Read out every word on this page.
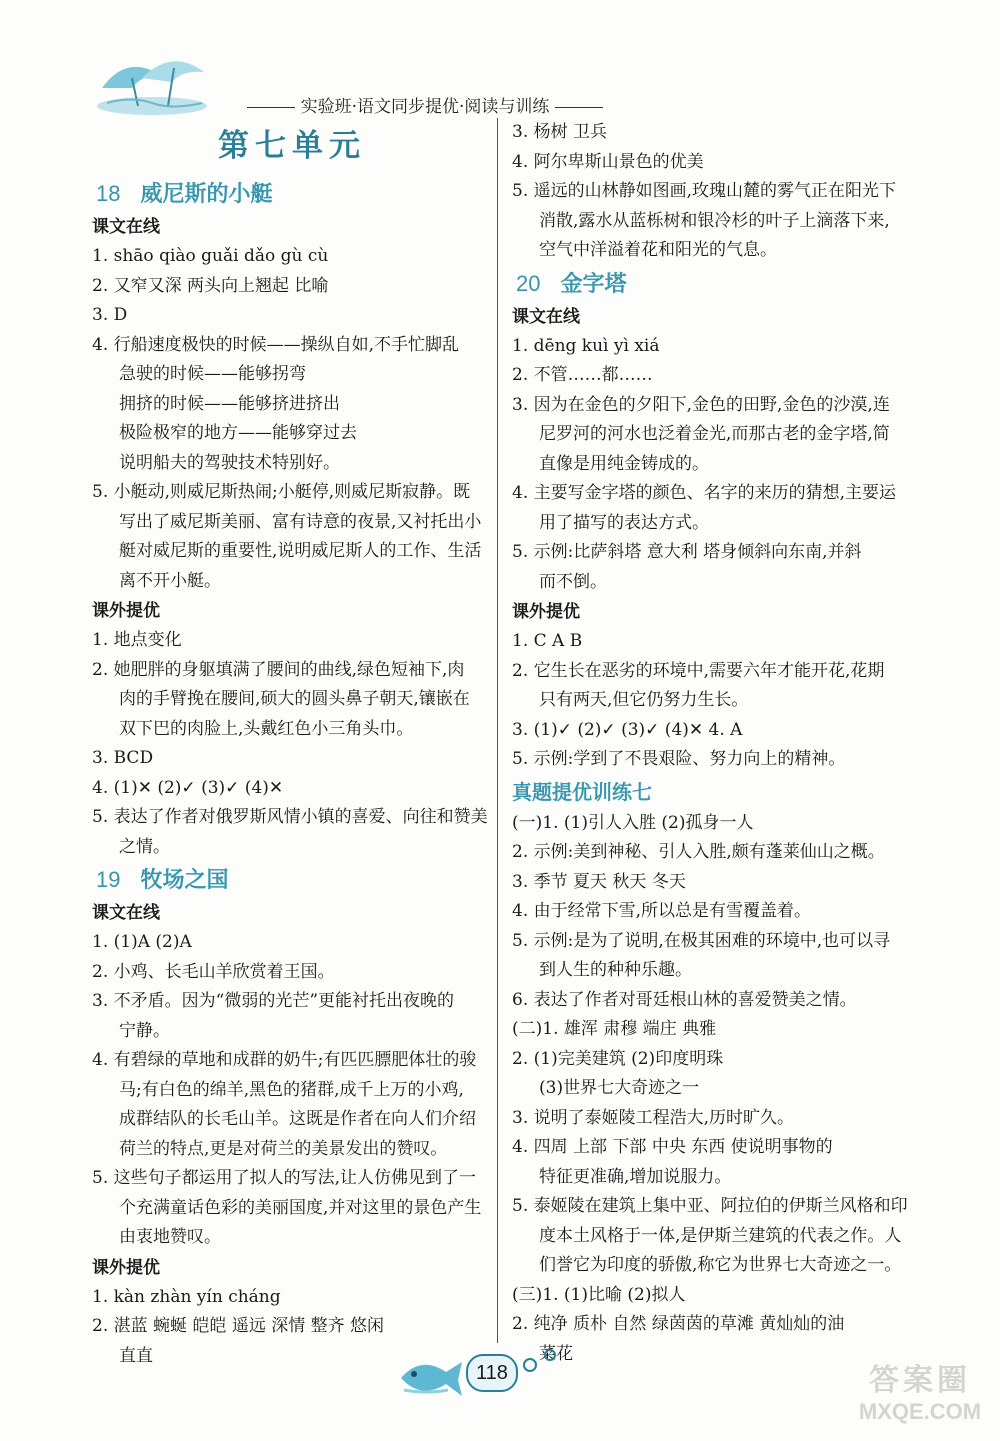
实验班·语文同步提优·阅读与训练
第七单元
18 威尼斯的小艇
课文在线
1. shāo qiào guǎi dǎo gù cù
2. 又窄又深 两头向上翘起 比喻
3. D
4. 行船速度极快的时候——操纵自如,不手忙脚乱
急驶的时候——能够拐弯
拥挤的时候——能够挤进挤出
极险极窄的地方——能够穿过去
说明船夫的驾驶技术特别好。
5. 小艇动,则威尼斯热闹;小艇停,则威尼斯寂静。既
写出了威尼斯美丽、富有诗意的夜景,又衬托出小
艇对威尼斯的重要性,说明威尼斯人的工作、生活
离不开小艇。
课外提优
1. 地点变化
2. 她肥胖的身躯填满了腰间的曲线,绿色短袖下,肉
肉的手臂挽在腰间,硕大的圆头鼻子朝天,镶嵌在
双下巴的肉脸上,头戴红色小三角头巾。
3. BCD
4. (1)✕ (2)✓ (3)✓ (4)✕
5. 表达了作者对俄罗斯风情小镇的喜爱、向往和赞美
之情。
19 牧场之国
课文在线
1. (1)A (2)A
2. 小鸡、长毛山羊欣赏着王国。
3. 不矛盾。因为“微弱的光芒”更能衬托出夜晚的
宁静。
4. 有碧绿的草地和成群的奶牛;有匹匹膘肥体壮的骏
马;有白色的绵羊,黑色的猪群,成千上万的小鸡,
成群结队的长毛山羊。这既是作者在向人们介绍
荷兰的特点,更是对荷兰的美景发出的赞叹。
5. 这些句子都运用了拟人的写法,让人仿佛见到了一
个充满童话色彩的美丽国度,并对这里的景色产生
由衷地赞叹。
课外提优
1. kàn zhàn yín cháng
2. 湛蓝 蜿蜒 皑皑 遥远 深情 整齐 悠闲
直直
3. 杨树 卫兵
4. 阿尔卑斯山景色的优美
5. 遥远的山林静如图画,玫瑰山麓的雾气正在阳光下
消散,露水从蓝栎树和银冷杉的叶子上滴落下来,
空气中洋溢着花和阳光的气息。
20 金字塔
课文在线
1. dēng kuì yì xiá
2. 不管……都……
3. 因为在金色的夕阳下,金色的田野,金色的沙漠,连
尼罗河的河水也泛着金光,而那古老的金字塔,简
直像是用纯金铸成的。
4. 主要写金字塔的颜色、名字的来历的猜想,主要运
用了描写的表达方式。
5. 示例:比萨斜塔 意大利 塔身倾斜向东南,并斜
而不倒。
课外提优
1. C A B
2. 它生长在恶劣的环境中,需要六年才能开花,花期
只有两天,但它仍努力生长。
3. (1)✓ (2)✓ (3)✓ (4)✕ 4. A
5. 示例:学到了不畏艰险、努力向上的精神。
真题提优训练七
(一)1. (1)引人入胜 (2)孤身一人
2. 示例:美到神秘、引人入胜,颇有蓬莱仙山之概。
3. 季节 夏天 秋天 冬天
4. 由于经常下雪,所以总是有雪覆盖着。
5. 示例:是为了说明,在极其困难的环境中,也可以寻
到人生的种种乐趣。
6. 表达了作者对哥廷根山林的喜爱赞美之情。
(二)1. 雄浑 肃穆 端庄 典雅
2. (1)完美建筑 (2)印度明珠
(3)世界七大奇迹之一
3. 说明了泰姬陵工程浩大,历时旷久。
4. 四周 上部 下部 中央 东西 使说明事物的
特征更准确,增加说服力。
5. 泰姬陵在建筑上集中亚、阿拉伯的伊斯兰风格和印
度本土风格于一体,是伊斯兰建筑的代表之作。人
们誉它为印度的骄傲,称它为世界七大奇迹之一。
(三)1. (1)比喻 (2)拟人
2. 纯净 质朴 自然 绿茵茵的草滩 黄灿灿的油
菜花
118	答案圈
MXQE.COM
